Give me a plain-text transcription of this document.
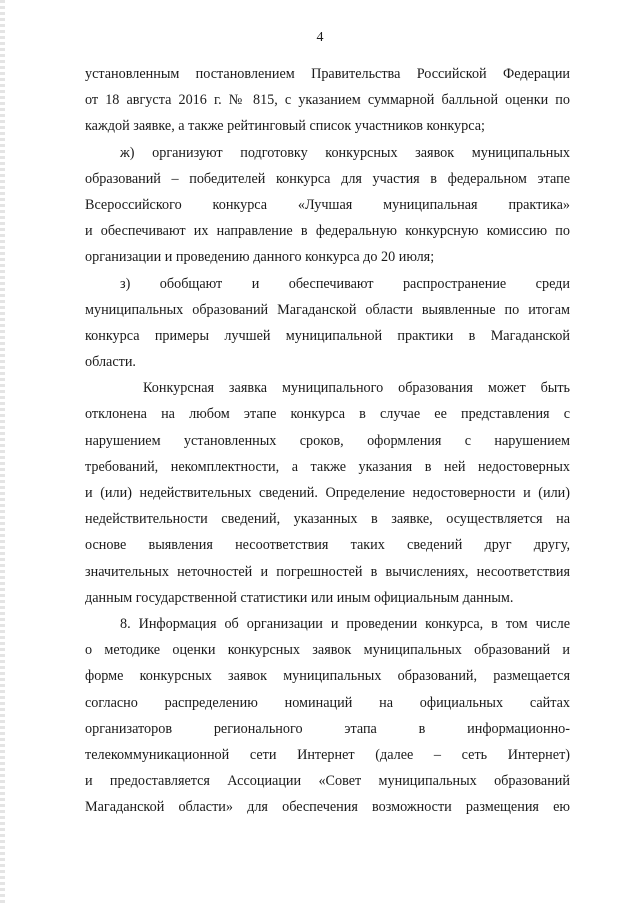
4
установленным постановлением Правительства Российской Федерации
от 18 августа 2016 г. № 815, с указанием суммарной балльной оценки по
каждой заявке, а также рейтинговый список участников конкурса;
ж) организуют подготовку конкурсных заявок муниципальных
образований – победителей конкурса для участия в федеральном этапе
Всероссийского конкурса «Лучшая муниципальная практика»
и обеспечивают их направление в федеральную конкурсную комиссию по
организации и проведению данного конкурса до 20 июля;
з) обобщают и обеспечивают распространение среди
муниципальных образований Магаданской области выявленные по итогам
конкурса примеры лучшей муниципальной практики в Магаданской
области.
Конкурсная заявка муниципального образования может быть
отклонена на любом этапе конкурса в случае ее представления с
нарушением установленных сроков, оформления с нарушением
требований, некомплектности, а также указания в ней недостоверных
и (или) недействительных сведений. Определение недостоверности и (или)
недействительности сведений, указанных в заявке, осуществляется на
основе выявления несоответствия таких сведений друг другу,
значительных неточностей и погрешностей в вычислениях, несоответствия
данным государственной статистики или иным официальным данным.
8. Информация об организации и проведении конкурса, в том числе
о методике оценки конкурсных заявок муниципальных образований и
форме конкурсных заявок муниципальных образований, размещается
согласно распределению номинаций на официальных сайтах
организаторов регионального этапа в информационно-
телекоммуникационной сети Интернет (далее – сеть Интернет)
и предоставляется Ассоциации «Совет муниципальных образований
Магаданской области» для обеспечения возможности размещения ею
